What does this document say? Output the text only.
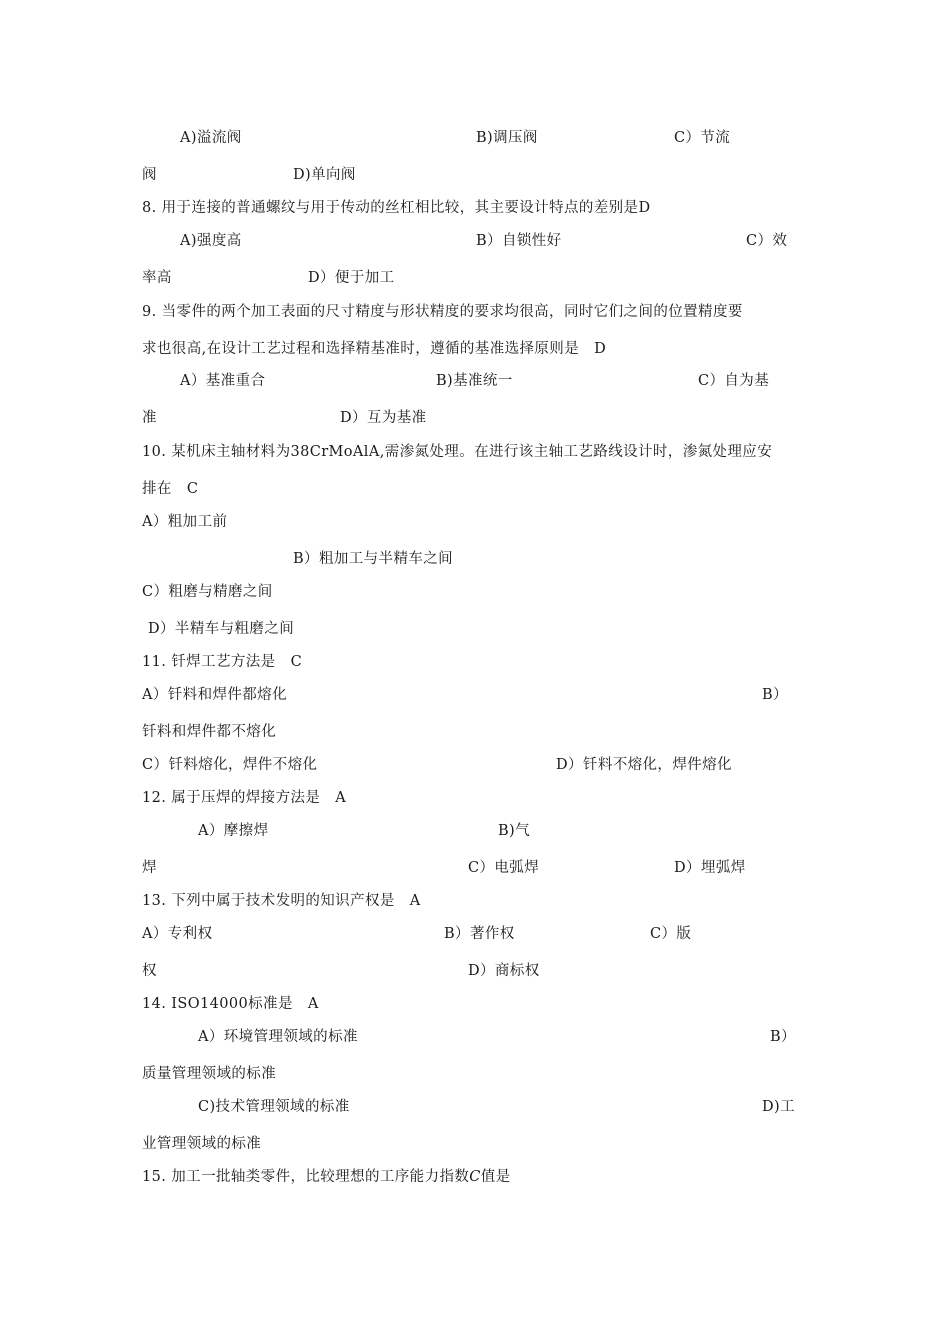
A)溢流阀	B)调压阀	C）节流
阀	D)单向阀
8. 用于连接的普通螺纹与用于传动的丝杠相比较，其主要设计特点的差别是D
A)强度高	B）自锁性好	C）效
率高	D）便于加工
9. 当零件的两个加工表面的尺寸精度与形状精度的要求均很高，同时它们之间的位置精度要
求也很高,在设计工艺过程和选择精基准时，遵循的基准选择原则是   D
A）基准重合	B)基准统一	C）自为基
准	D）互为基准
10. 某机床主轴材料为38CrMoAlA,需渗氮处理。在进行该主轴工艺路线设计时，渗氮处理应安
排在   C
A）粗加工前
B）粗加工与半精车之间
C）粗磨与精磨之间
D）半精车与粗磨之间
11. 钎焊工艺方法是   C
A）钎料和焊件都熔化	B）
钎料和焊件都不熔化
C）钎料熔化，焊件不熔化	D）钎料不熔化，焊件熔化
12. 属于压焊的焊接方法是   A
A）摩擦焊	B)气
焊	C）电弧焊	D）埋弧焊
13. 下列中属于技术发明的知识产权是   A
A）专利权	B）著作权	C）版
权	D）商标权
14. ISO14000标准是   A
A）环境管理领域的标准	B）
质量管理领域的标准
C)技术管理领域的标准	D)工
业管理领域的标准
15. 加工一批轴类零件，比较理想的工序能力指数C值是
